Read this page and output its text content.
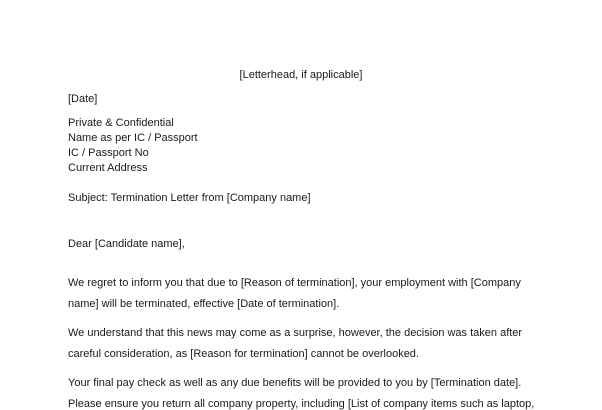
[Letterhead, if applicable]

[Date]

Private & Confidential

Name as per IC / Passport

IC / Passport No

Current Address

Subject: Termination Letter from [Company name]

Dear [Candidate name],

We regret to inform you that due to [Reason of termination], your employment with [Company

name] will be terminated, effective [Date of termination].

We understand that this news may come as a surprise, however, the decision was taken after

careful consideration, as [Reason for termination] cannot be overlooked.

Your final pay check as well as any due benefits will be provided to you by [Termination date].

Please ensure you return all company property, including [List of company items such as laptop,
